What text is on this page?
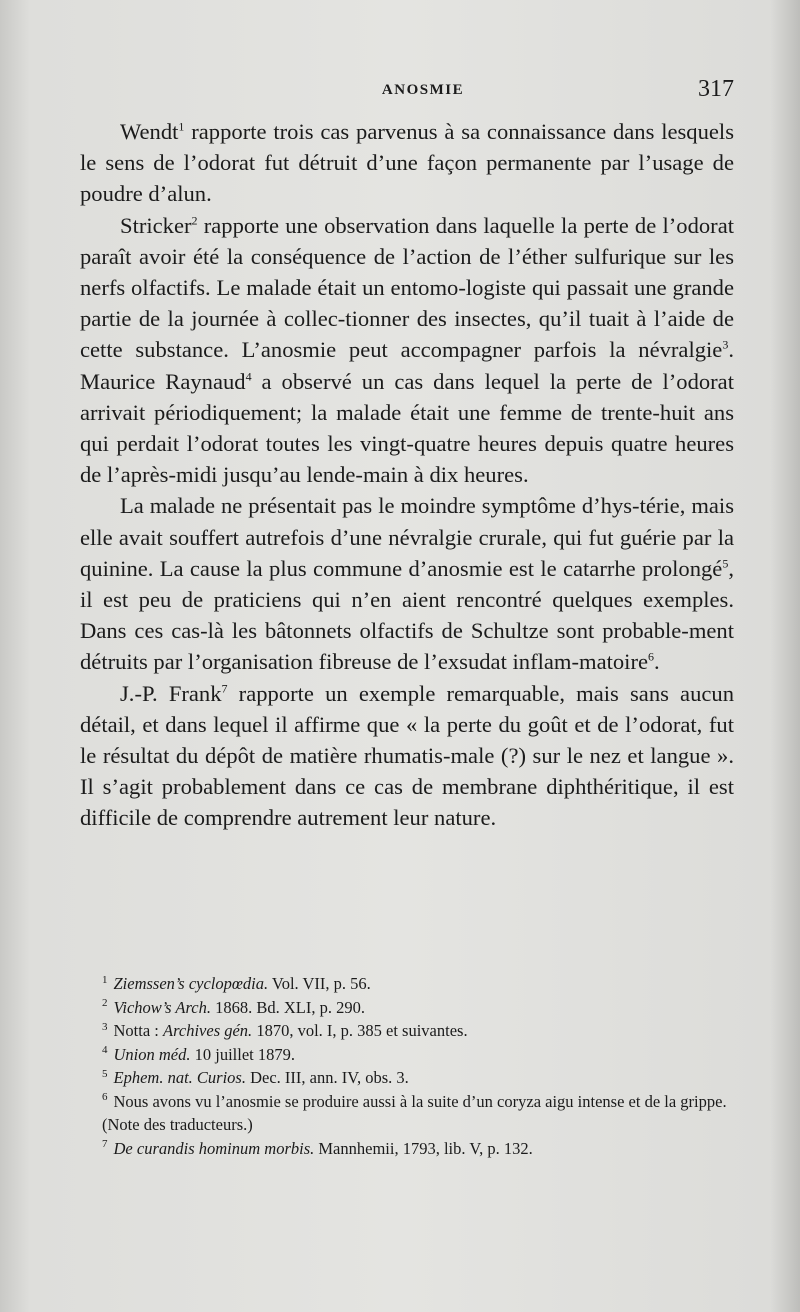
ANOSMIE	317

Wendt$^1$ rapporte trois cas parvenus à sa connaissance dans lesquels le sens de l’odorat fut détruit d’une façon permanente par l’usage de poudre d’alun.

Stricker$^2$ rapporte une observation dans laquelle la perte de l’odorat paraît avoir été la conséquence de l’action de l’éther sulfurique sur les nerfs olfactifs. Le malade était un entomo-logiste qui passait une grande partie de la journée à collec-tionner des insectes, qu’il tuait à l’aide de cette substance. L’anosmie peut accompagner parfois la névralgie$^3$. Maurice Raynaud$^4$ a observé un cas dans lequel la perte de l’odorat arrivait périodiquement; la malade était une femme de trente-huit ans qui perdait l’odorat toutes les vingt-quatre heures depuis quatre heures de l’après-midi jusqu’au lende-main à dix heures.

La malade ne présentait pas le moindre symptôme d’hys-térie, mais elle avait souffert autrefois d’une névralgie crurale, qui fut guérie par la quinine. La cause la plus commune d’anosmie est le catarrhe prolongé$^5$, il est peu de praticiens qui n’en aient rencontré quelques exemples. Dans ces cas-là les bâtonnets olfactifs de Schultze sont probable-ment détruits par l’organisation fibreuse de l’exsudat inflam-matoire$^6$.

J.-P. Frank$^7$ rapporte un exemple remarquable, mais sans aucun détail, et dans lequel il affirme que « la perte du goût et de l’odorat, fut le résultat du dépôt de matière rhumatis-male (?) sur le nez et langue ». Il s’agit probablement dans ce cas de membrane diphthéritique, il est difficile de comprendre autrement leur nature.

$^1$ Ziemssen’s cyclopœdia. Vol. VII, p. 56.

$^2$ Vichow’s Arch. 1868. Bd. XLI, p. 290.

$^3$ Notta : Archives gén. 1870, vol. I, p. 385 et suivantes.

$^4$ Union méd. 10 juillet 1879.

$^5$ Ephem. nat. Curios. Dec. III, ann. IV, obs. 3.

$^6$ Nous avons vu l’anosmie se produire aussi à la suite d’un coryza aigu intense et de la grippe. (Note des traducteurs.)

$^7$ De curandis hominum morbis. Mannhemii, 1793, lib. V, p. 132.
